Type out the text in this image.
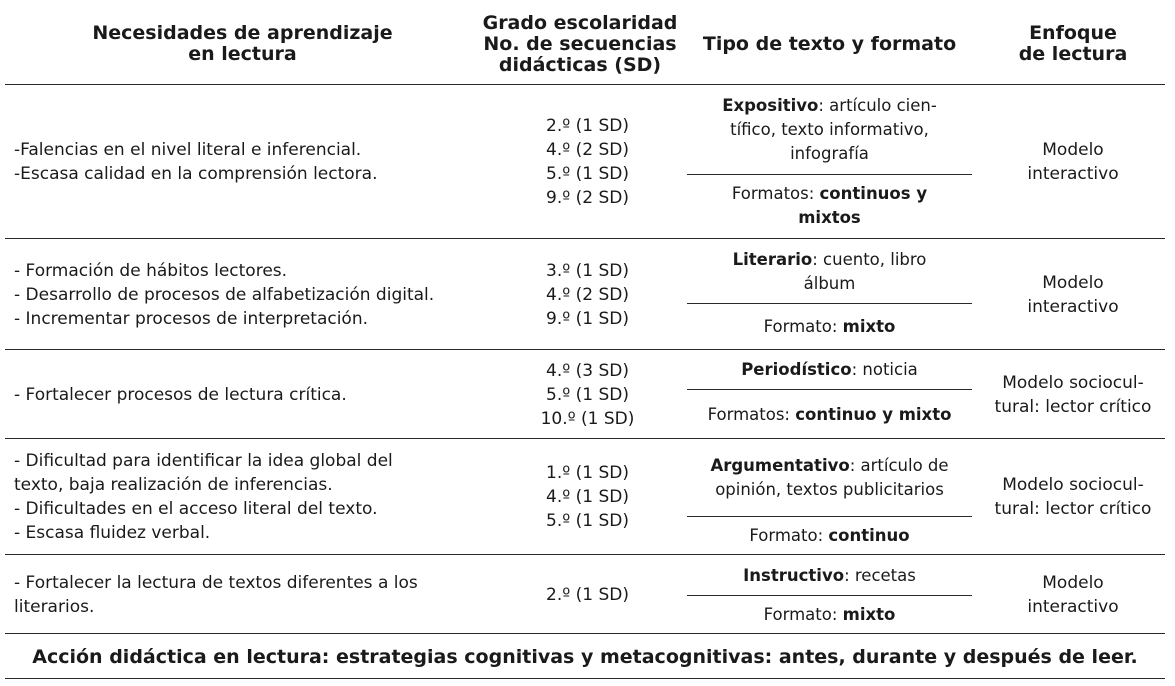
Necesidades de aprendizaje
en lectura
Grado escolaridad
No. de secuencias
didácticas (SD)
Tipo de texto y formato	Enfoque
de lectura
-Falencias en el nivel literal e inferencial.
-Escasa calidad en la comprensión lectora.
2.º (1 SD)
4.º (2 SD)
5.º (1 SD)
9.º (2 SD)
Expositivo: artículo cien-
tífico, texto informativo,
infografía
Formatos: continuos y
mixtos
Modelo
interactivo
- Formación de hábitos lectores.
- Desarrollo de procesos de alfabetización digital.
- Incrementar procesos de interpretación.
3.º (1 SD)
4.º (2 SD)
9.º (1 SD)
Literario: cuento, libro
álbum
Formato: mixto
Modelo
interactivo
- Fortalecer procesos de lectura crítica.
4.º (3 SD)
5.º (1 SD)
10.º (1 SD)
Periodístico: noticia
Formatos: continuo y mixto
Modelo sociocul-
tural: lector crítico
- Dificultad para identificar la idea global del
texto, baja realización de inferencias.
- Dificultades en el acceso literal del texto.
- Escasa fluidez verbal.
1.º (1 SD)
4.º (1 SD)
5.º (1 SD)
Argumentativo: artículo de
opinión, textos publicitarios
Formato: continuo
Modelo sociocul-
tural: lector crítico
- Fortalecer la lectura de textos diferentes a los
literarios.
2.º (1 SD)
Instructivo: recetas
Formato: mixto
Modelo
interactivo
Acción didáctica en lectura: estrategias cognitivas y metacognitivas: antes, durante y después de leer.
